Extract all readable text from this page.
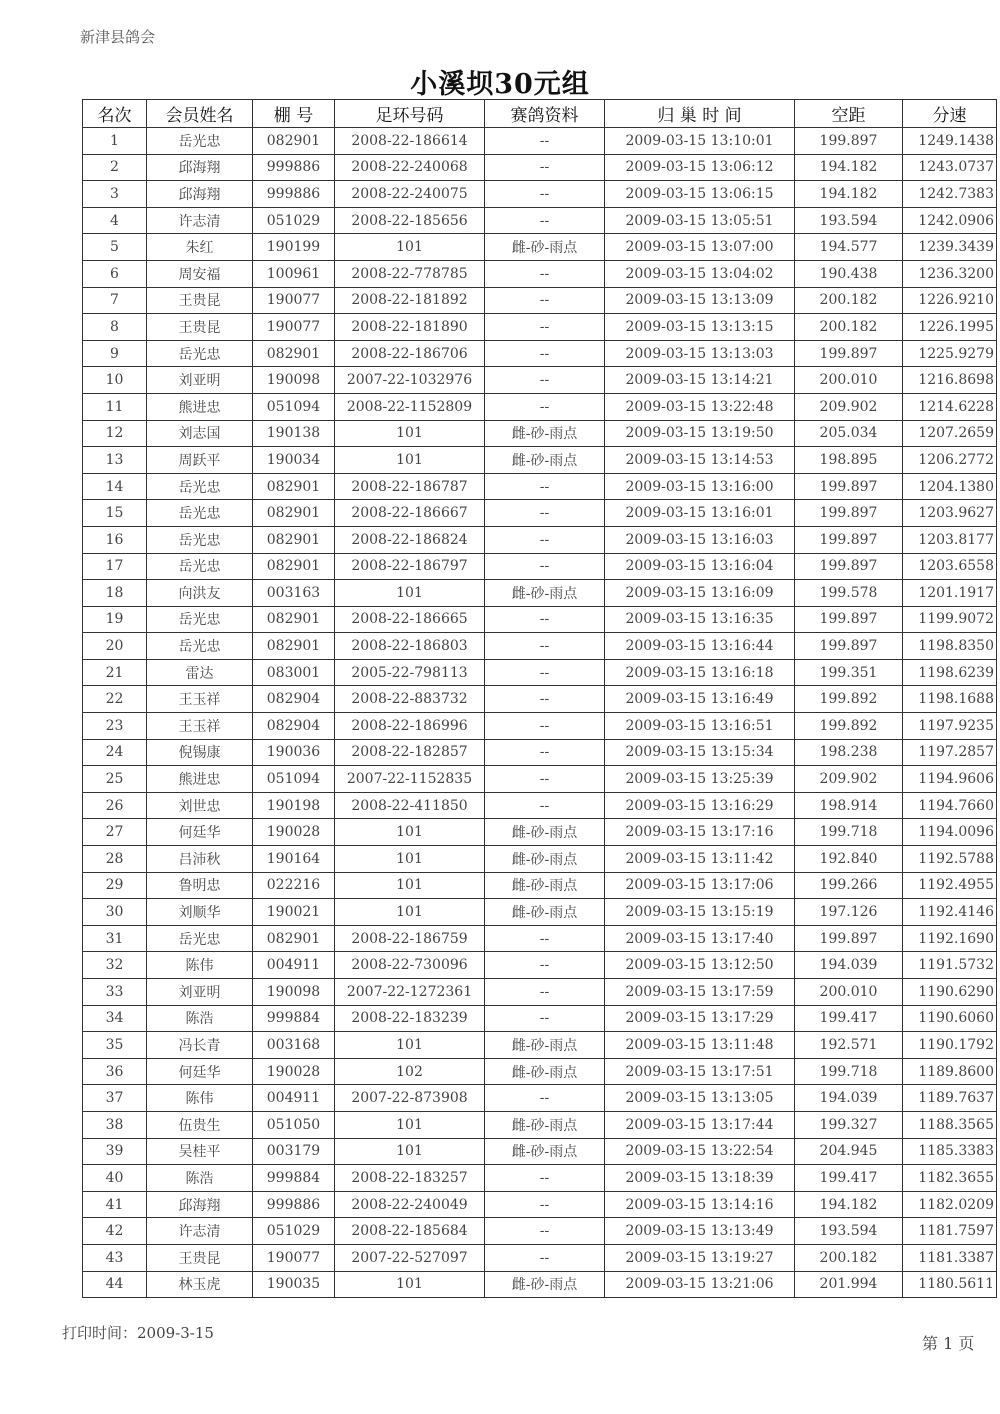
新津县鸽会
小溪坝30元组
名次	会员姓名	棚 号	足环号码	赛鸽资料	归 巢 时 间	空距	分速
1	岳光忠	082901	2008-22-186614	--	2009-03-15 13:10:01	199.897	1249.1438
2	邱海翔	999886	2008-22-240068	--	2009-03-15 13:06:12	194.182	1243.0737
3	邱海翔	999886	2008-22-240075	--	2009-03-15 13:06:15	194.182	1242.7383
4	许志清	051029	2008-22-185656	--	2009-03-15 13:05:51	193.594	1242.0906
5	朱红	190199	101	雌-砂-雨点	2009-03-15 13:07:00	194.577	1239.3439
6	周安福	100961	2008-22-778785	--	2009-03-15 13:04:02	190.438	1236.3200
7	王贵昆	190077	2008-22-181892	--	2009-03-15 13:13:09	200.182	1226.9210
8	王贵昆	190077	2008-22-181890	--	2009-03-15 13:13:15	200.182	1226.1995
9	岳光忠	082901	2008-22-186706	--	2009-03-15 13:13:03	199.897	1225.9279
10	刘亚明	190098	2007-22-1032976	--	2009-03-15 13:14:21	200.010	1216.8698
11	熊进忠	051094	2008-22-1152809	--	2009-03-15 13:22:48	209.902	1214.6228
12	刘志国	190138	101	雌-砂-雨点	2009-03-15 13:19:50	205.034	1207.2659
13	周跃平	190034	101	雌-砂-雨点	2009-03-15 13:14:53	198.895	1206.2772
14	岳光忠	082901	2008-22-186787	--	2009-03-15 13:16:00	199.897	1204.1380
15	岳光忠	082901	2008-22-186667	--	2009-03-15 13:16:01	199.897	1203.9627
16	岳光忠	082901	2008-22-186824	--	2009-03-15 13:16:03	199.897	1203.8177
17	岳光忠	082901	2008-22-186797	--	2009-03-15 13:16:04	199.897	1203.6558
18	向洪友	003163	101	雌-砂-雨点	2009-03-15 13:16:09	199.578	1201.1917
19	岳光忠	082901	2008-22-186665	--	2009-03-15 13:16:35	199.897	1199.9072
20	岳光忠	082901	2008-22-186803	--	2009-03-15 13:16:44	199.897	1198.8350
21	雷达	083001	2005-22-798113	--	2009-03-15 13:16:18	199.351	1198.6239
22	王玉祥	082904	2008-22-883732	--	2009-03-15 13:16:49	199.892	1198.1688
23	王玉祥	082904	2008-22-186996	--	2009-03-15 13:16:51	199.892	1197.9235
24	倪锡康	190036	2008-22-182857	--	2009-03-15 13:15:34	198.238	1197.2857
25	熊进忠	051094	2007-22-1152835	--	2009-03-15 13:25:39	209.902	1194.9606
26	刘世忠	190198	2008-22-411850	--	2009-03-15 13:16:29	198.914	1194.7660
27	何廷华	190028	101	雌-砂-雨点	2009-03-15 13:17:16	199.718	1194.0096
28	吕沛秋	190164	101	雌-砂-雨点	2009-03-15 13:11:42	192.840	1192.5788
29	鲁明忠	022216	101	雌-砂-雨点	2009-03-15 13:17:06	199.266	1192.4955
30	刘顺华	190021	101	雌-砂-雨点	2009-03-15 13:15:19	197.126	1192.4146
31	岳光忠	082901	2008-22-186759	--	2009-03-15 13:17:40	199.897	1192.1690
32	陈伟	004911	2008-22-730096	--	2009-03-15 13:12:50	194.039	1191.5732
33	刘亚明	190098	2007-22-1272361	--	2009-03-15 13:17:59	200.010	1190.6290
34	陈浩	999884	2008-22-183239	--	2009-03-15 13:17:29	199.417	1190.6060
35	冯长青	003168	101	雌-砂-雨点	2009-03-15 13:11:48	192.571	1190.1792
36	何廷华	190028	102	雌-砂-雨点	2009-03-15 13:17:51	199.718	1189.8600
37	陈伟	004911	2007-22-873908	--	2009-03-15 13:13:05	194.039	1189.7637
38	伍贵生	051050	101	雌-砂-雨点	2009-03-15 13:17:44	199.327	1188.3565
39	吴桂平	003179	101	雌-砂-雨点	2009-03-15 13:22:54	204.945	1185.3383
40	陈浩	999884	2008-22-183257	--	2009-03-15 13:18:39	199.417	1182.3655
41	邱海翔	999886	2008-22-240049	--	2009-03-15 13:14:16	194.182	1182.0209
42	许志清	051029	2008-22-185684	--	2009-03-15 13:13:49	193.594	1181.7597
43	王贵昆	190077	2007-22-527097	--	2009-03-15 13:19:27	200.182	1181.3387
44	林玉虎	190035	101	雌-砂-雨点	2009-03-15 13:21:06	201.994	1180.5611
打印时间：2009-3-15
第 1 页
